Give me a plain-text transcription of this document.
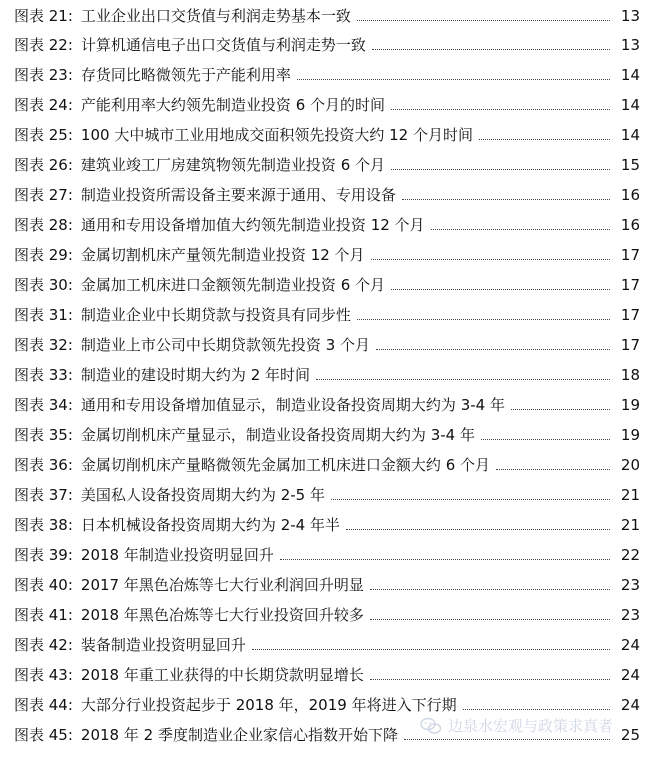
图表 21: 工业企业出口交货值与利润走势基本一致	13
图表 22: 计算机通信电子出口交货值与利润走势一致	13
图表 23: 存货同比略微领先于产能利用率	14
图表 24: 产能利用率大约领先制造业投资 6 个月的时间	14
图表 25: 100 大中城市工业用地成交面积领先投资大约 12 个月时间	14
图表 26: 建筑业竣工厂房建筑物领先制造业投资 6 个月	15
图表 27: 制造业投资所需设备主要来源于通用、专用设备	16
图表 28: 通用和专用设备增加值大约领先制造业投资 12 个月	16
图表 29: 金属切割机床产量领先制造业投资 12 个月	17
图表 30: 金属加工机床进口金额领先制造业投资 6 个月	17
图表 31: 制造业企业中长期贷款与投资具有同步性	17
图表 32: 制造业上市公司中长期贷款领先投资 3 个月	17
图表 33: 制造业的建设时期大约为 2 年时间	18
图表 34: 通用和专用设备增加值显示，制造业设备投资周期大约为 3-4 年	19
图表 35: 金属切削机床产量显示，制造业设备投资周期大约为 3-4 年	19
图表 36: 金属切削机床产量略微领先金属加工机床进口金额大约 6 个月	20
图表 37: 美国私人设备投资周期大约为 2-5 年	21
图表 38: 日本机械设备投资周期大约为 2-4 年半	21
图表 39: 2018 年制造业投资明显回升	22
图表 40: 2017 年黑色冶炼等七大行业利润回升明显	23
图表 41: 2018 年黑色冶炼等七大行业投资回升较多	23
图表 42: 装备制造业投资明显回升	24
图表 43: 2018 年重工业获得的中长期贷款明显增长	24
图表 44: 大部分行业投资起步于 2018 年，2019 年将进入下行期	24
图表 45: 2018 年 2 季度制造业企业家信心指数开始下降	25
边泉水宏观与政策求真者
